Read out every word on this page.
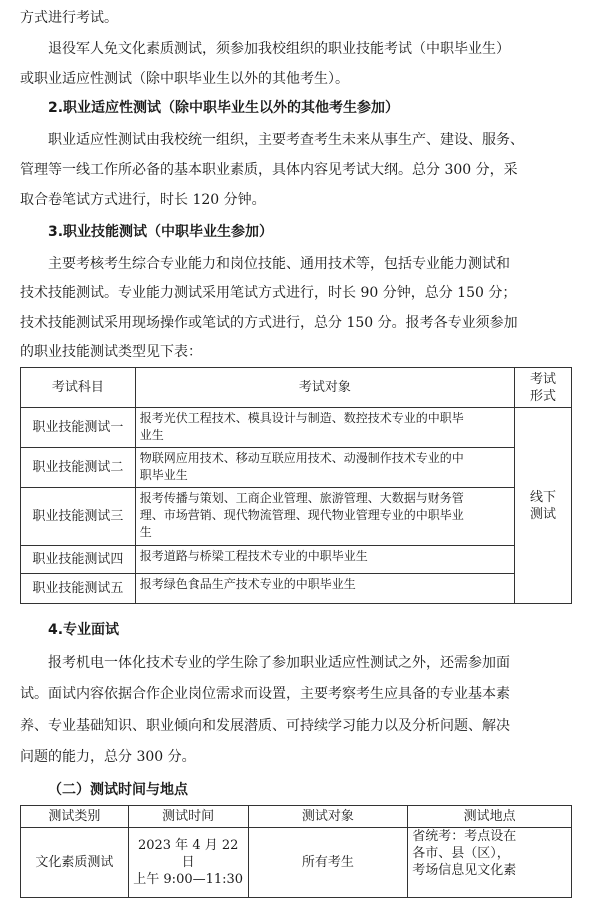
方式进行考试。
退役军人免文化素质测试，须参加我校组织的职业技能考试（中职毕业生）
或职业适应性测试（除中职毕业生以外的其他考生）。
2.职业适应性测试（除中职毕业生以外的其他考生参加）
职业适应性测试由我校统一组织，主要考查考生未来从事生产、建设、服务、
管理等一线工作所必备的基本职业素质，具体内容见考试大纲。总分 300 分，采
取合卷笔试方式进行，时长 120 分钟。
3.职业技能测试（中职毕业生参加）
主要考核考生综合专业能力和岗位技能、通用技术等，包括专业能力测试和
技术技能测试。专业能力测试采用笔试方式进行，时长 90 分钟，总分 150 分；
技术技能测试采用现场操作或笔试的方式进行，总分 150 分。报考各专业须参加
的职业技能测试类型见下表：
4.专业面试
报考机电一体化技术专业的学生除了参加职业适应性测试之外，还需参加面
试。面试内容依据合作企业岗位需求而设置，主要考察考生应具备的专业基本素
养、专业基础知识、职业倾向和发展潜质、可持续学习能力以及分析问题、解决
问题的能力，总分 300 分。
（二）测试时间与地点
考试科目	考试对象	考试
形式
职业技能测试一	报考光伏工程技术、模具设计与制造、数控技术专业的中职毕
业生	线下
测试
职业技能测试二	物联网应用技术、移动互联应用技术、动漫制作技术专业的中
职毕业生	
职业技能测试三	报考传播与策划、工商企业管理、旅游管理、大数据与财务管
理、市场营销、现代物流管理、现代物业管理专业的中职毕业
生	
职业技能测试四	报考道路与桥梁工程技术专业的中职毕业生	
职业技能测试五	报考绿色食品生产技术专业的中职毕业生	
测试类别	测试时间	测试对象	测试地点
文化素质测试	2023 年 4 月 22 日
上午 9:00—11:30	所有考生	省统考：考点设在
各市、县（区），
考场信息见文化素
